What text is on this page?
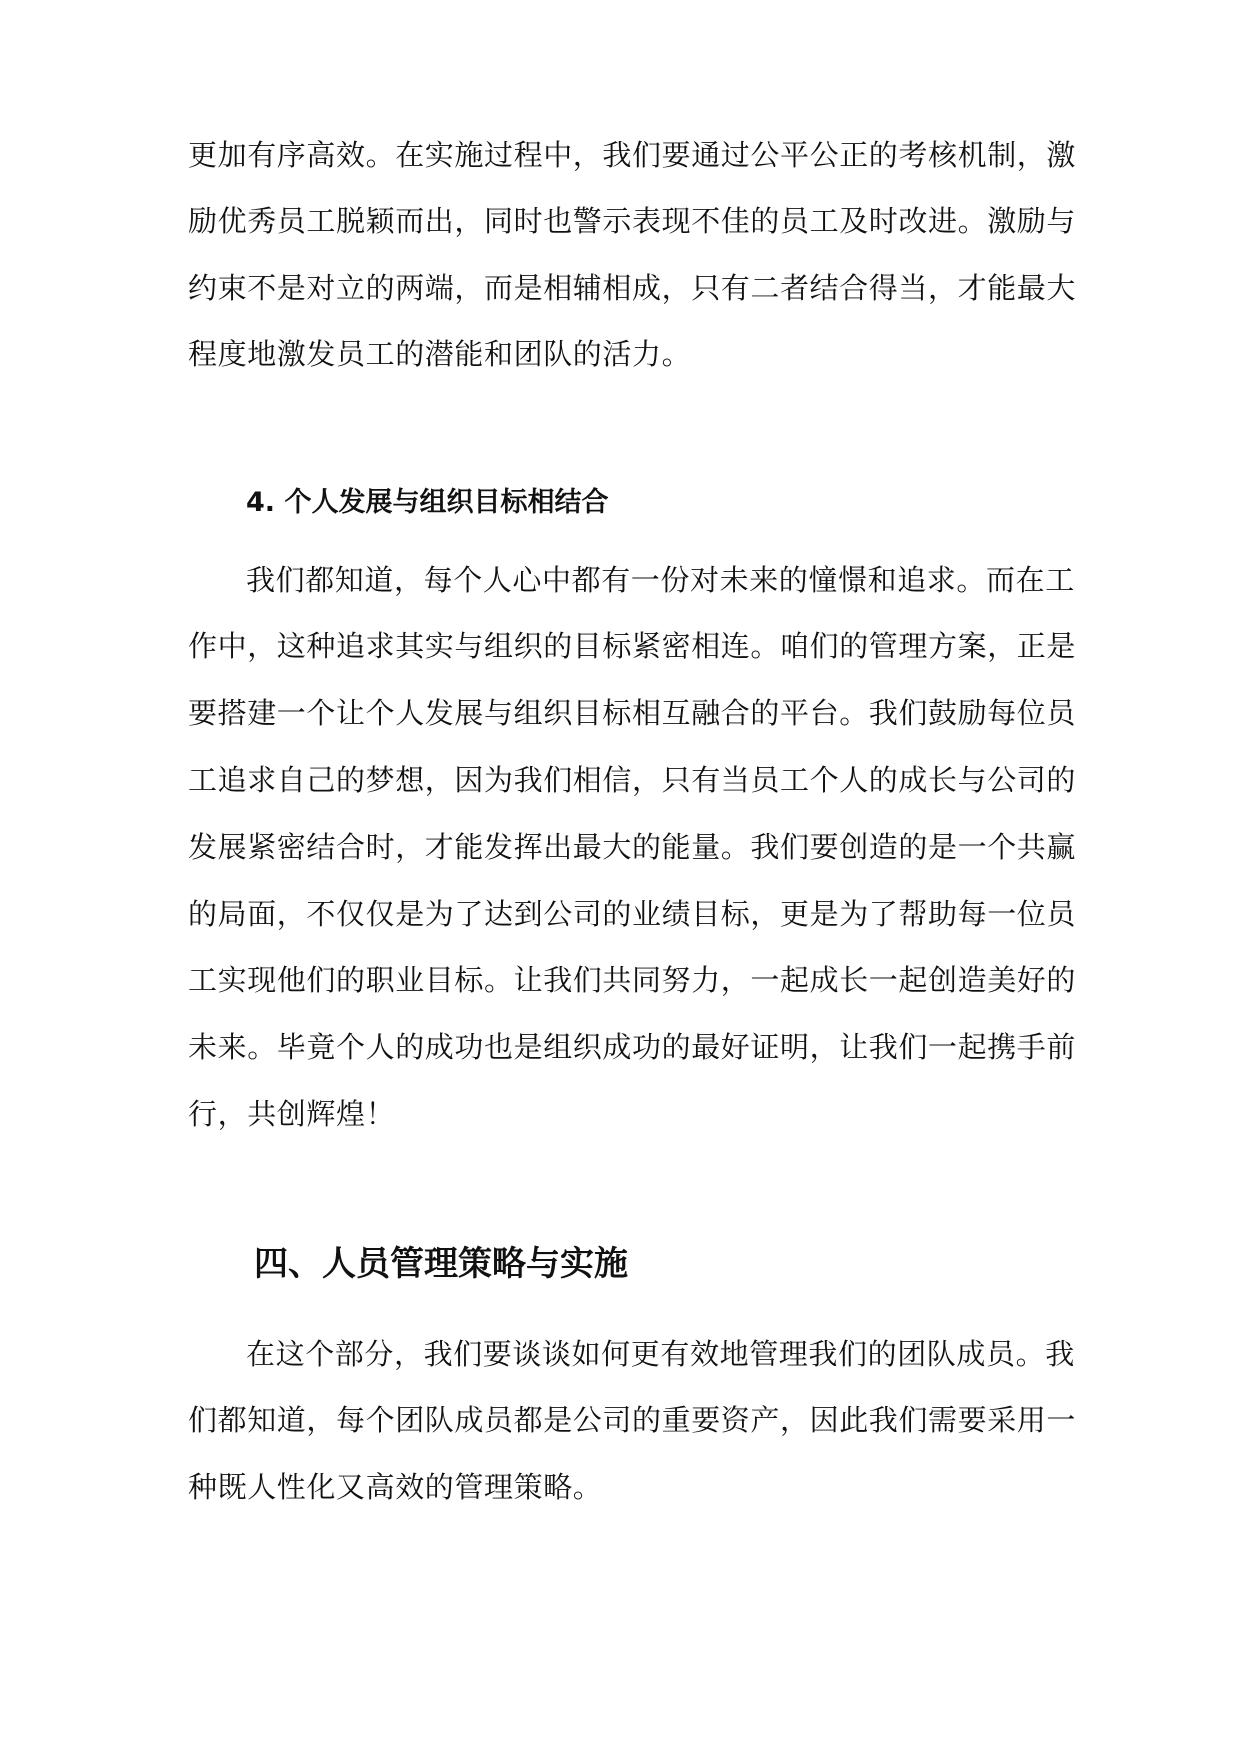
更加有序高效。在实施过程中，我们要通过公平公正的考核机制，激
励优秀员工脱颖而出，同时也警示表现不佳的员工及时改进。激励与
约束不是对立的两端，而是相辅相成，只有二者结合得当，才能最大
程度地激发员工的潜能和团队的活力。
4. 个人发展与组织目标相结合
我们都知道，每个人心中都有一份对未来的憧憬和追求。而在工
作中，这种追求其实与组织的目标紧密相连。咱们的管理方案，正是
要搭建一个让个人发展与组织目标相互融合的平台。我们鼓励每位员
工追求自己的梦想，因为我们相信，只有当员工个人的成长与公司的
发展紧密结合时，才能发挥出最大的能量。我们要创造的是一个共赢
的局面，不仅仅是为了达到公司的业绩目标，更是为了帮助每一位员
工实现他们的职业目标。让我们共同努力，一起成长一起创造美好的
未来。毕竟个人的成功也是组织成功的最好证明，让我们一起携手前
行，共创辉煌！
四、人员管理策略与实施
在这个部分，我们要谈谈如何更有效地管理我们的团队成员。我
们都知道，每个团队成员都是公司的重要资产，因此我们需要采用一
种既人性化又高效的管理策略。
